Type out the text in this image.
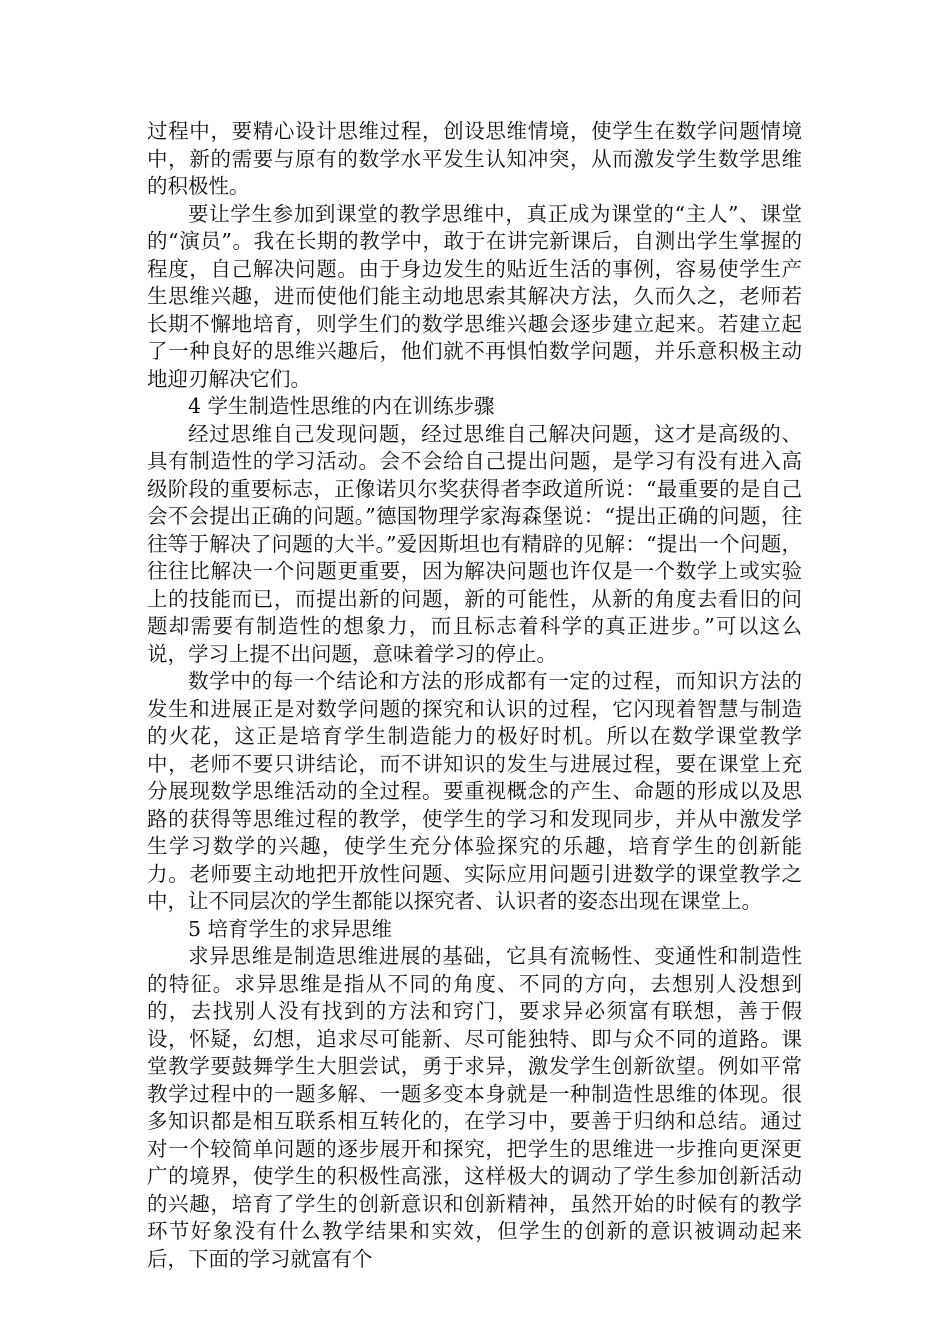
过程中，要精心设计思维过程，创设思维情境，使学生在数学问题情境中，新的需要与原有的数学水平发生认知冲突，从而激发学生数学思维的积极性。

要让学生参加到课堂的教学思维中，真正成为课堂的“主人”、课堂的“演员”。我在长期的教学中，敢于在讲完新课后，自测出学生掌握的程度，自己解决问题。由于身边发生的贴近生活的事例，容易使学生产生思维兴趣，进而使他们能主动地思索其解决方法，久而久之，老师若长期不懈地培育，则学生们的数学思维兴趣会逐步建立起来。若建立起了一种良好的思维兴趣后，他们就不再惧怕数学问题，并乐意积极主动地迎刃解决它们。

4 学生制造性思维的内在训练步骤

经过思维自己发现问题，经过思维自己解决问题，这才是高级的、具有制造性的学习活动。会不会给自己提出问题，是学习有没有进入高级阶段的重要标志，正像诺贝尔奖获得者李政道所说：“最重要的是自己会不会提出正确的问题。”德国物理学家海森堡说：“提出正确的问题，往往等于解决了问题的大半。”爱因斯坦也有精辟的见解：“提出一个问题，往往比解决一个问题更重要，因为解决问题也许仅是一个数学上或实验上的技能而已，而提出新的问题，新的可能性，从新的角度去看旧的问题却需要有制造性的想象力，而且标志着科学的真正进步。”可以这么说，学习上提不出问题，意味着学习的停止。

数学中的每一个结论和方法的形成都有一定的过程，而知识方法的发生和进展正是对数学问题的探究和认识的过程，它闪现着智慧与制造的火花，这正是培育学生制造能力的极好时机。所以在数学课堂教学中，老师不要只讲结论，而不讲知识的发生与进展过程，要在课堂上充分展现数学思维活动的全过程。要重视概念的产生、命题的形成以及思路的获得等思维过程的教学，使学生的学习和发现同步，并从中激发学生学习数学的兴趣，使学生充分体验探究的乐趣，培育学生的创新能力。老师要主动地把开放性问题、实际应用问题引进数学的课堂教学之中，让不同层次的学生都能以探究者、认识者的姿态出现在课堂上。

5 培育学生的求异思维

求异思维是制造思维进展的基础，它具有流畅性、变通性和制造性的特征。求异思维是指从不同的角度、不同的方向，去想别人没想到的，去找别人没有找到的方法和窍门，要求异必须富有联想，善于假设，怀疑，幻想，追求尽可能新、尽可能独特、即与众不同的道路。课堂教学要鼓舞学生大胆尝试，勇于求异，激发学生创新欲望。例如平常教学过程中的一题多解、一题多变本身就是一种制造性思维的体现。很多知识都是相互联系相互转化的，在学习中，要善于归纳和总结。通过对一个较简单问题的逐步展开和探究，把学生的思维进一步推向更深更广的境界，使学生的积极性高涨，这样极大的调动了学生参加创新活动的兴趣，培育了学生的创新意识和创新精神，虽然开始的时候有的教学环节好象没有什么教学结果和实效，但学生的创新的意识被调动起来后，下面的学习就富有个
